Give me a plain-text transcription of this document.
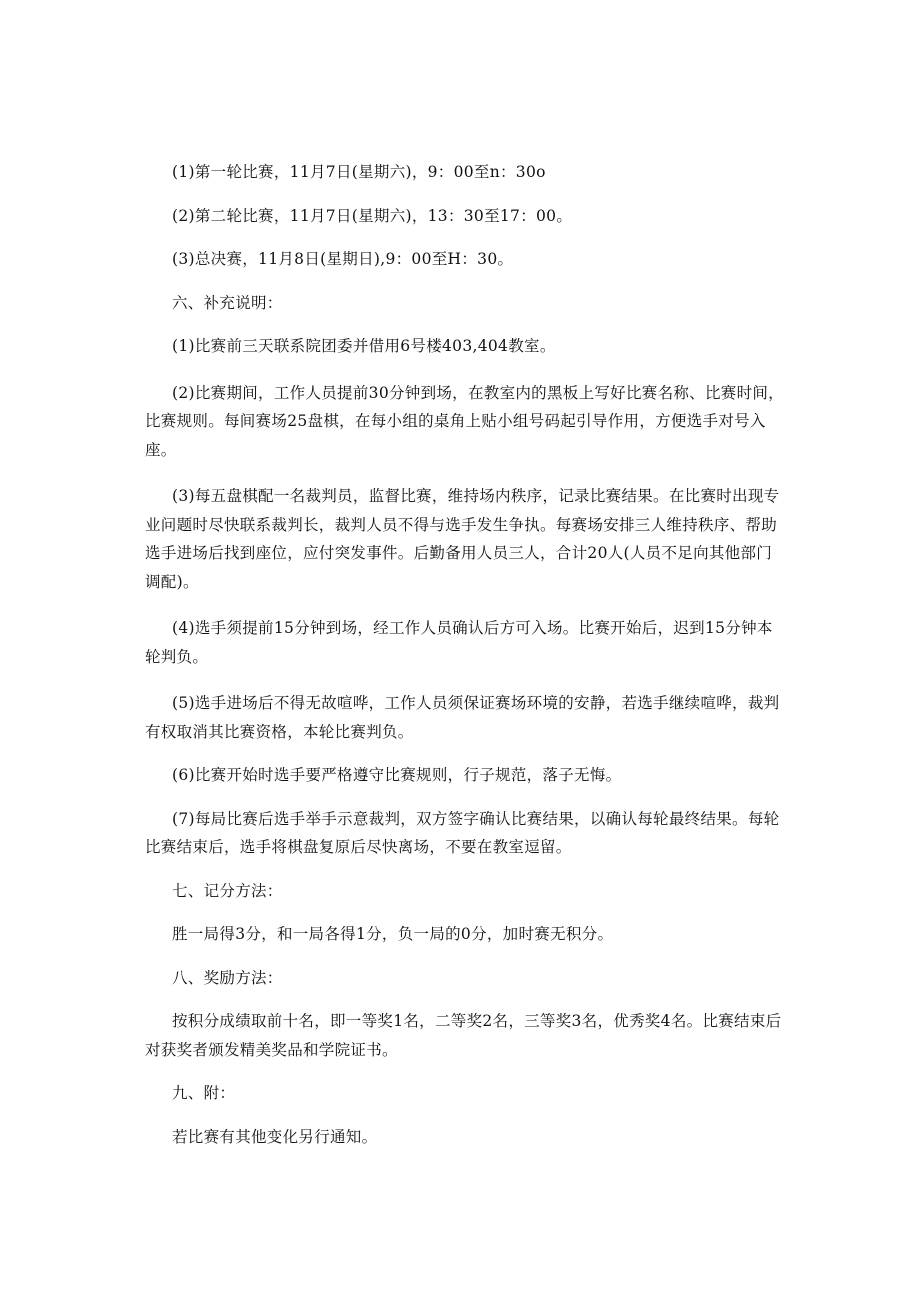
(1)第一轮比赛，11月7日(星期六)，9：00至n：30o

(2)第二轮比赛，11月7日(星期六)，13：30至17：00。

(3)总决赛，11月8日(星期日),9：00至H：30。

六、补充说明：

(1)比赛前三天联系院团委并借用6号楼403,404教室。

(2)比赛期间，工作人员提前30分钟到场，在教室内的黑板上写好比赛名称、比赛时间，比赛规则。每间赛场25盘棋，在每小组的桌角上贴小组号码起引导作用，方便选手对号入座。

(3)每五盘棋配一名裁判员，监督比赛，维持场内秩序，记录比赛结果。在比赛时出现专业问题时尽快联系裁判长，裁判人员不得与选手发生争执。每赛场安排三人维持秩序、帮助选手进场后找到座位，应付突发事件。后勤备用人员三人，合计20人(人员不足向其他部门调配)。

(4)选手须提前15分钟到场，经工作人员确认后方可入场。比赛开始后，迟到15分钟本轮判负。

(5)选手进场后不得无故喧哗，工作人员须保证赛场环境的安静，若选手继续喧哗，裁判有权取消其比赛资格，本轮比赛判负。

(6)比赛开始时选手要严格遵守比赛规则，行子规范，落子无悔。

(7)每局比赛后选手举手示意裁判，双方签字确认比赛结果，以确认每轮最终结果。每轮比赛结束后，选手将棋盘复原后尽快离场，不要在教室逗留。

七、记分方法：

胜一局得3分，和一局各得1分，负一局的0分，加时赛无积分。

八、奖励方法：

按积分成绩取前十名，即一等奖1名，二等奖2名，三等奖3名，优秀奖4名。比赛结束后对获奖者颁发精美奖品和学院证书。

九、附：

若比赛有其他变化另行通知。
